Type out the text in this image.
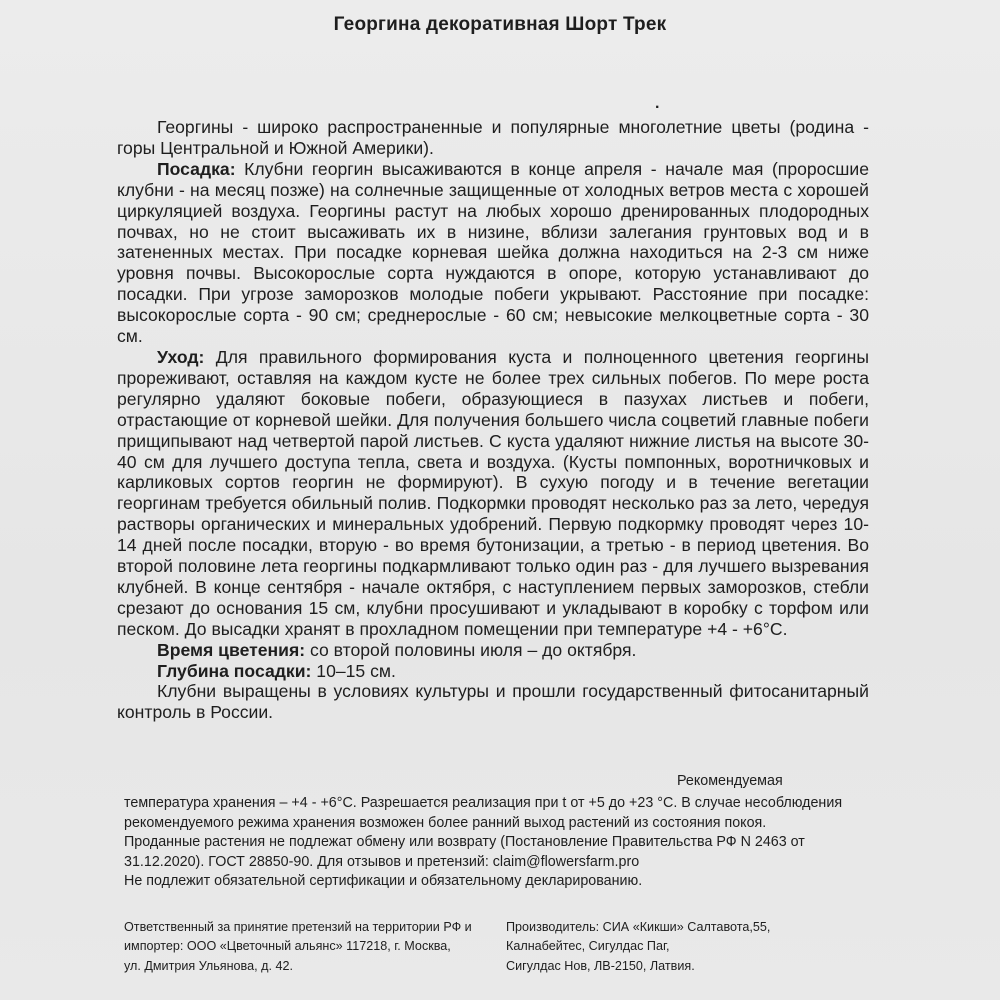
Георгина декоративная Шорт Трек
.

Георгины - широко распространенные и популярные многолетние цветы (родина - горы Центральной и Южной Америки).

Посадка: Клубни георгин высаживаются в конце апреля - начале мая (проросшие клубни - на месяц позже) на солнечные защищенные от холодных ветров места с хорошей циркуляцией воздуха. Георгины растут на любых хорошо дренированных плодородных почвах, но не стоит высаживать их в низине, вблизи залегания грунтовых вод и в затененных местах. При посадке корневая шейка должна находиться на 2-3 см ниже уровня почвы. Высокорослые сорта нуждаются в опоре, которую устанавливают до посадки. При угрозе заморозков молодые побеги укрывают. Расстояние при посадке: высокорослые сорта - 90 см; среднерослые - 60 см; невысокие мелкоцветные сорта - 30 см.

Уход: Для правильного формирования куста и полноценного цветения георгины прореживают, оставляя на каждом кусте не более трех сильных побегов. По мере роста регулярно удаляют боковые побеги, образующиеся в пазухах листьев и побеги, отрастающие от корневой шейки. Для получения большего числа соцветий главные побеги прищипывают над четвертой парой листьев. С куста удаляют нижние листья на высоте 30-40 см для лучшего доступа тепла, света и воздуха. (Кусты помпонных, воротничковых и карликовых сортов георгин не формируют). В сухую погоду и в течение вегетации георгинам требуется обильный полив. Подкормки проводят несколько раз за лето, чередуя растворы органических и минеральных удобрений. Первую подкормку проводят через 10-14 дней после посадки, вторую - во время бутонизации, а третью - в период цветения. Во второй половине лета георгины подкармливают только один раз - для лучшего вызревания клубней. В конце сентября - начале октября, с наступлением первых заморозков, стебли срезают до основания 15 см, клубни просушивают и укладывают в коробку с торфом или песком. До высадки хранят в прохладном помещении при температуре +4 - +6°С.

Время цветения: со второй половины июля – до октября.

Глубина посадки: 10–15 см.

Клубни выращены в условиях культуры и прошли государственный фитосанитарный контроль в России.

Рекомендуемая

температура хранения – +4 - +6°С. Разрешается реализация при t от +5 до +23 °С. В случае несоблюдения рекомендуемого режима хранения возможен более ранний выход растений из состояния покоя.

Проданные растения не подлежат обмену или возврату (Постановление Правительства РФ N 2463 от 31.12.2020). ГОСТ 28850-90. Для отзывов и претензий: claim@flowersfarm.pro

Не подлежит обязательной сертификации и обязательному декларированию.

Ответственный за принятие претензий на территории РФ и

импортер: ООО «Цветочный альянс» 117218, г. Москва,

ул. Дмитрия Ульянова, д. 42.

Производитель: СИА «Кикши» Салтавота,55,

Калнабейтес, Сигулдас Паг,

Сигулдас Нов, ЛВ-2150, Латвия.
